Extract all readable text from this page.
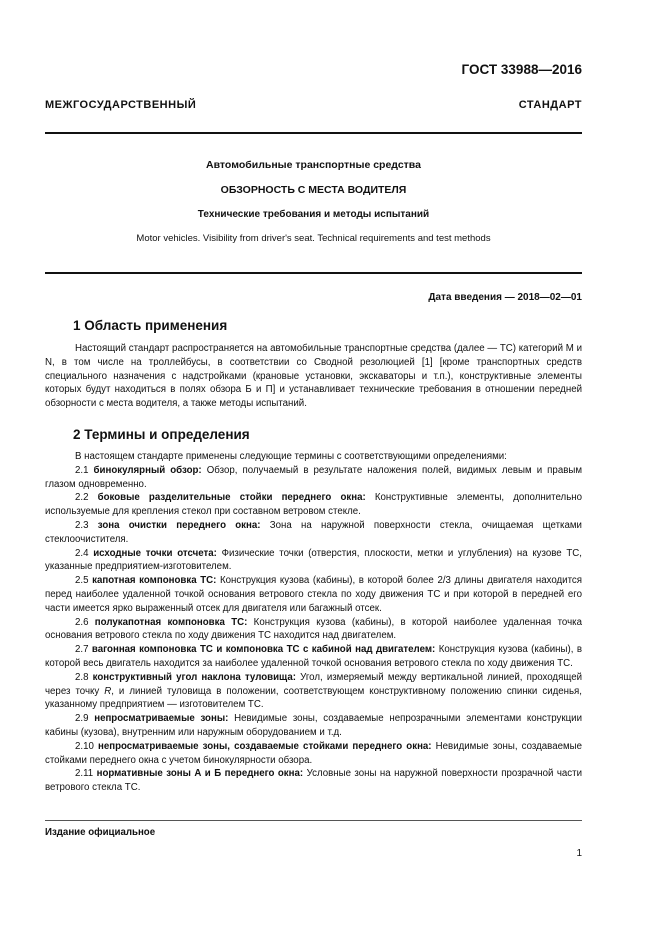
ГОСТ 33988—2016
МЕЖГОСУДАРСТВЕННЫЙ СТАНДАРТ
Автомобильные транспортные средства
ОБЗОРНОСТЬ С МЕСТА ВОДИТЕЛЯ
Технические требования и методы испытаний
Motor vehicles. Visibility from driver's seat. Technical requirements and test methods
Дата введения — 2018—02—01
1 Область применения

Настоящий стандарт распространяется на автомобильные транспортные средства (далее — ТС) категорий М и N, в том числе на троллейбусы, в соответствии со Сводной резолюцией [1] [кроме транспортных средств специального назначения с надстройками (крановые установки, экскаваторы и т.п.), конструктивные элементы которых будут находиться в полях обзора Б и П] и устанавливает технические требования в отношении передней обзорности с места водителя, а также методы испытаний.

2 Термины и определения

В настоящем стандарте применены следующие термины с соответствующими определениями:

2.1 бинокулярный обзор: Обзор, получаемый в результате наложения полей, видимых левым и правым глазом одновременно.

2.2 боковые разделительные стойки переднего окна: Конструктивные элементы, дополнительно используемые для крепления стекол при составном ветровом стекле.

2.3 зона очистки переднего окна: Зона на наружной поверхности стекла, очищаемая щетками стеклоочистителя.

2.4 исходные точки отсчета: Физические точки (отверстия, плоскости, метки и углубления) на кузове ТС, указанные предприятием-изготовителем.

2.5 капотная компоновка ТС: Конструкция кузова (кабины), в которой более 2/3 длины двигателя находится перед наиболее удаленной точкой основания ветрового стекла по ходу движения ТС и при которой в передней его части имеется ярко выраженный отсек для двигателя или багажный отсек.

2.6 полукапотная компоновка ТС: Конструкция кузова (кабины), в которой наиболее удаленная точка основания ветрового стекла по ходу движения ТС находится над двигателем.

2.7 вагонная компоновка ТС и компоновка ТС с кабиной над двигателем: Конструкция кузова (кабины), в которой весь двигатель находится за наиболее удаленной точкой основания ветрового стекла по ходу движения ТС.

2.8 конструктивный угол наклона туловища: Угол, измеряемый между вертикальной линией, проходящей через точку R, и линией туловища в положении, соответствующем конструктивному положению спинки сиденья, указанному предприятием — изготовителем ТС.

2.9 непросматриваемые зоны: Невидимые зоны, создаваемые непрозрачными элементами конструкции кабины (кузова), внутренним или наружным оборудованием и т.д.

2.10 непросматриваемые зоны, создаваемые стойками переднего окна: Невидимые зоны, создаваемые стойками переднего окна с учетом бинокулярности обзора.

2.11 нормативные зоны А и Б переднего окна: Условные зоны на наружной поверхности прозрачной части ветрового стекла ТС.

Издание официальное
1
